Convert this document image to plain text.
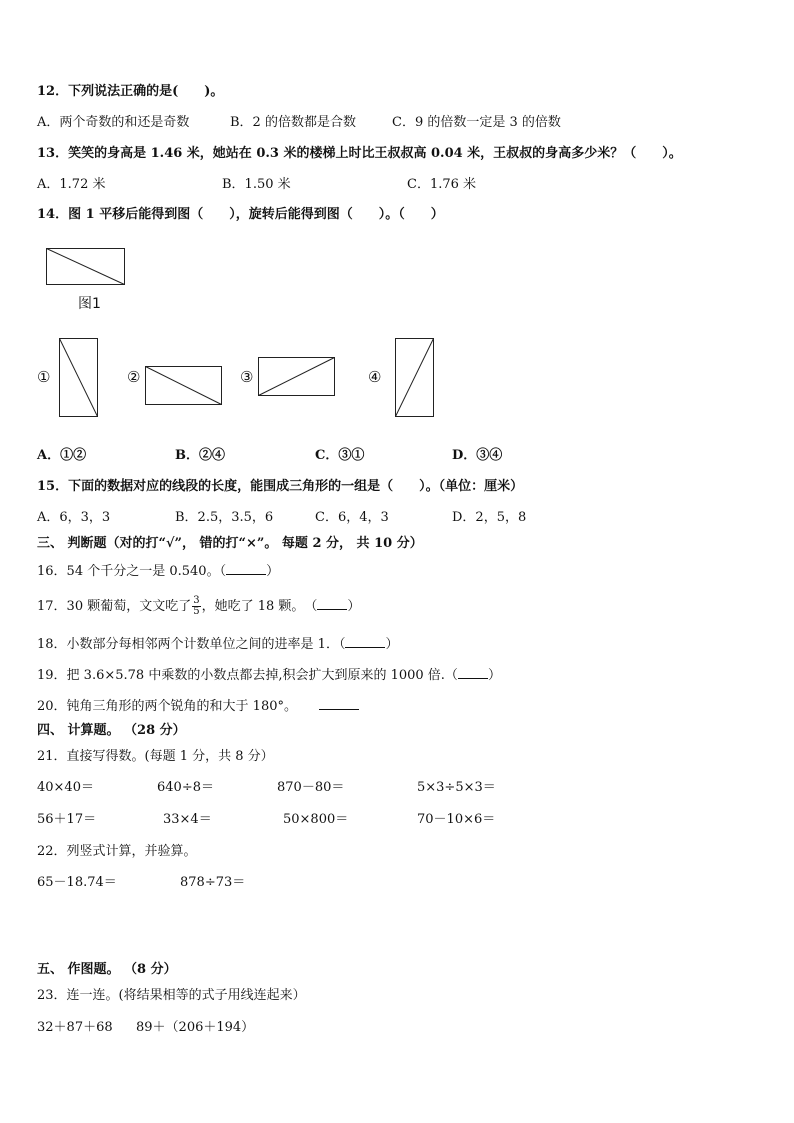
12．下列说法正确的是(　　)。
A．两个奇数的和还是奇数	B．2 的倍数都是合数	C．9 的倍数一定是 3 的倍数
13．笑笑的身高是 1.46 米，她站在 0.3 米的楼梯上时比王叔叔高 0.04 米，王叔叔的身高多少米？（　　）。
A．1.72 米	B．1.50 米	C．1.76 米
14．图 1 平移后能得到图（　　），旋转后能得到图（　　）。（　　）
图1
①	②	③	④
A．①②	B．②④	C．③①	D．③④
15．下面的数据对应的线段的长度，能围成三角形的一组是（　　）。（单位：厘米）
A．6，3，3	B．2.5，3.5，6	C．6，4，3	D．2，5，8
三、 判断题（对的打“√”， 错的打“×”。 每题 2 分， 共 10 分）
16．54 个千分之一是 0.540。（	）
17．30 颗葡萄，文文吃了 $\frac{3}{5}$ ，她吃了 18 颗。　（ ）
18．小数部分每相邻两个计数单位之间的进率是 1．（	）
19．把 3.6×5.78 中乘数的小数点都去掉,积会扩大到原来的 1000 倍.（ ）
20．钝角三角形的两个锐角的和大于 180°。
四、 计算题。 （28 分）
21．直接写得数。(每题 1 分，共 8 分）
40×40＝	640÷8＝	870－80＝	5×3÷5×3＝
56＋17＝	33×4＝	50×800＝	70－10×6＝
22．列竖式计算，并验算。
65－18.74＝	878÷73＝
五、 作图题。 （8 分）
23．连一连。(将结果相等的式子用线连起来）
32＋87＋68 89＋（206＋194）
